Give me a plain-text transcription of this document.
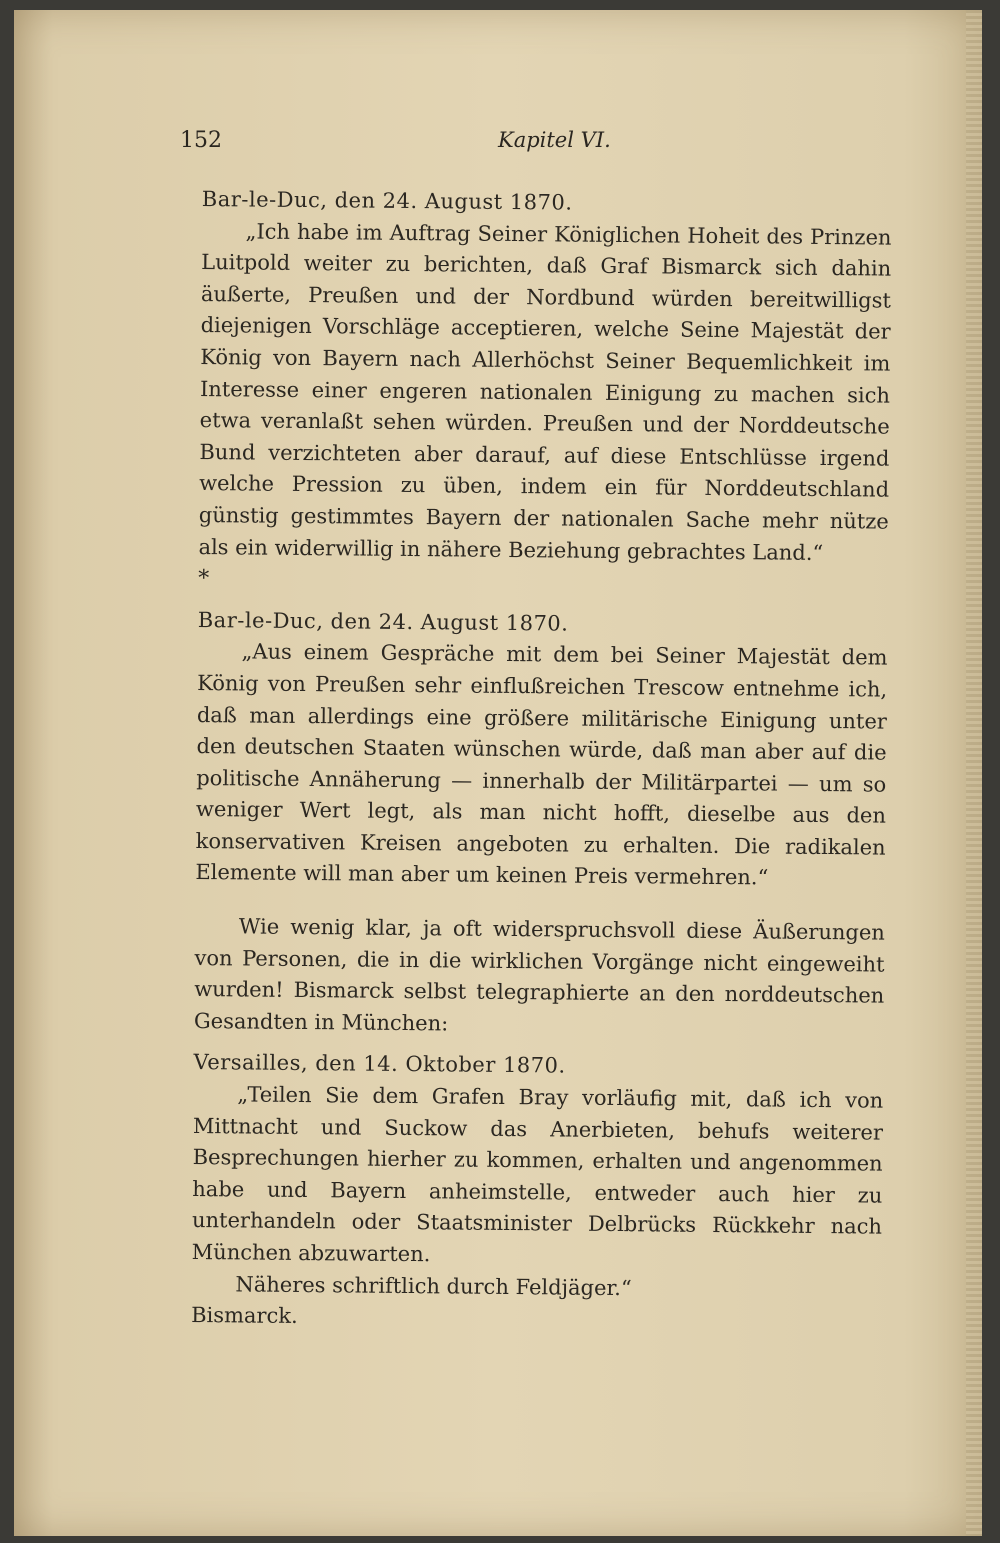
152	Kapitel VI.

Bar-le-Duc, den 24. August 1870.

„Ich habe im Auftrag Seiner Königlichen Hoheit des Prinzen Luitpold weiter zu berichten, daß Graf Bismarck sich dahin äußerte, Preußen und der Nordbund würden bereitwilligst diejenigen Vorschläge acceptieren, welche Seine Majestät der König von Bayern nach Allerhöchst Seiner Bequemlichkeit im Interesse einer engeren nationalen Einigung zu machen sich etwa veranlaßt sehen würden. Preußen und der Norddeutsche Bund verzichteten aber darauf, auf diese Entschlüsse irgend welche Pression zu üben, indem ein für Norddeutschland günstig gestimmtes Bayern der nationalen Sache mehr nütze als ein widerwillig in nähere Beziehung gebrachtes Land.“

*

Bar-le-Duc, den 24. August 1870.

„Aus einem Gespräche mit dem bei Seiner Majestät dem König von Preußen sehr einflußreichen Trescow entnehme ich, daß man allerdings eine größere militärische Einigung unter den deutschen Staaten wünschen würde, daß man aber auf die politische Annäherung — innerhalb der Militärpartei — um so weniger Wert legt, als man nicht hofft, dieselbe aus den konservativen Kreisen angeboten zu erhalten. Die radikalen Elemente will man aber um keinen Preis vermehren.“

Wie wenig klar, ja oft widerspruchsvoll diese Äußerungen von Personen, die in die wirklichen Vorgänge nicht eingeweiht wurden! Bismarck selbst telegraphierte an den norddeutschen Gesandten in München:

Versailles, den 14. Oktober 1870.

„Teilen Sie dem Grafen Bray vorläufig mit, daß ich von Mittnacht und Suckow das Anerbieten, behufs weiterer Besprechungen hierher zu kommen, erhalten und angenommen habe und Bayern anheimstelle, entweder auch hier zu unterhandeln oder Staatsminister Delbrücks Rückkehr nach München abzuwarten.

Näheres schriftlich durch Feldjäger.“

Bismarck.
